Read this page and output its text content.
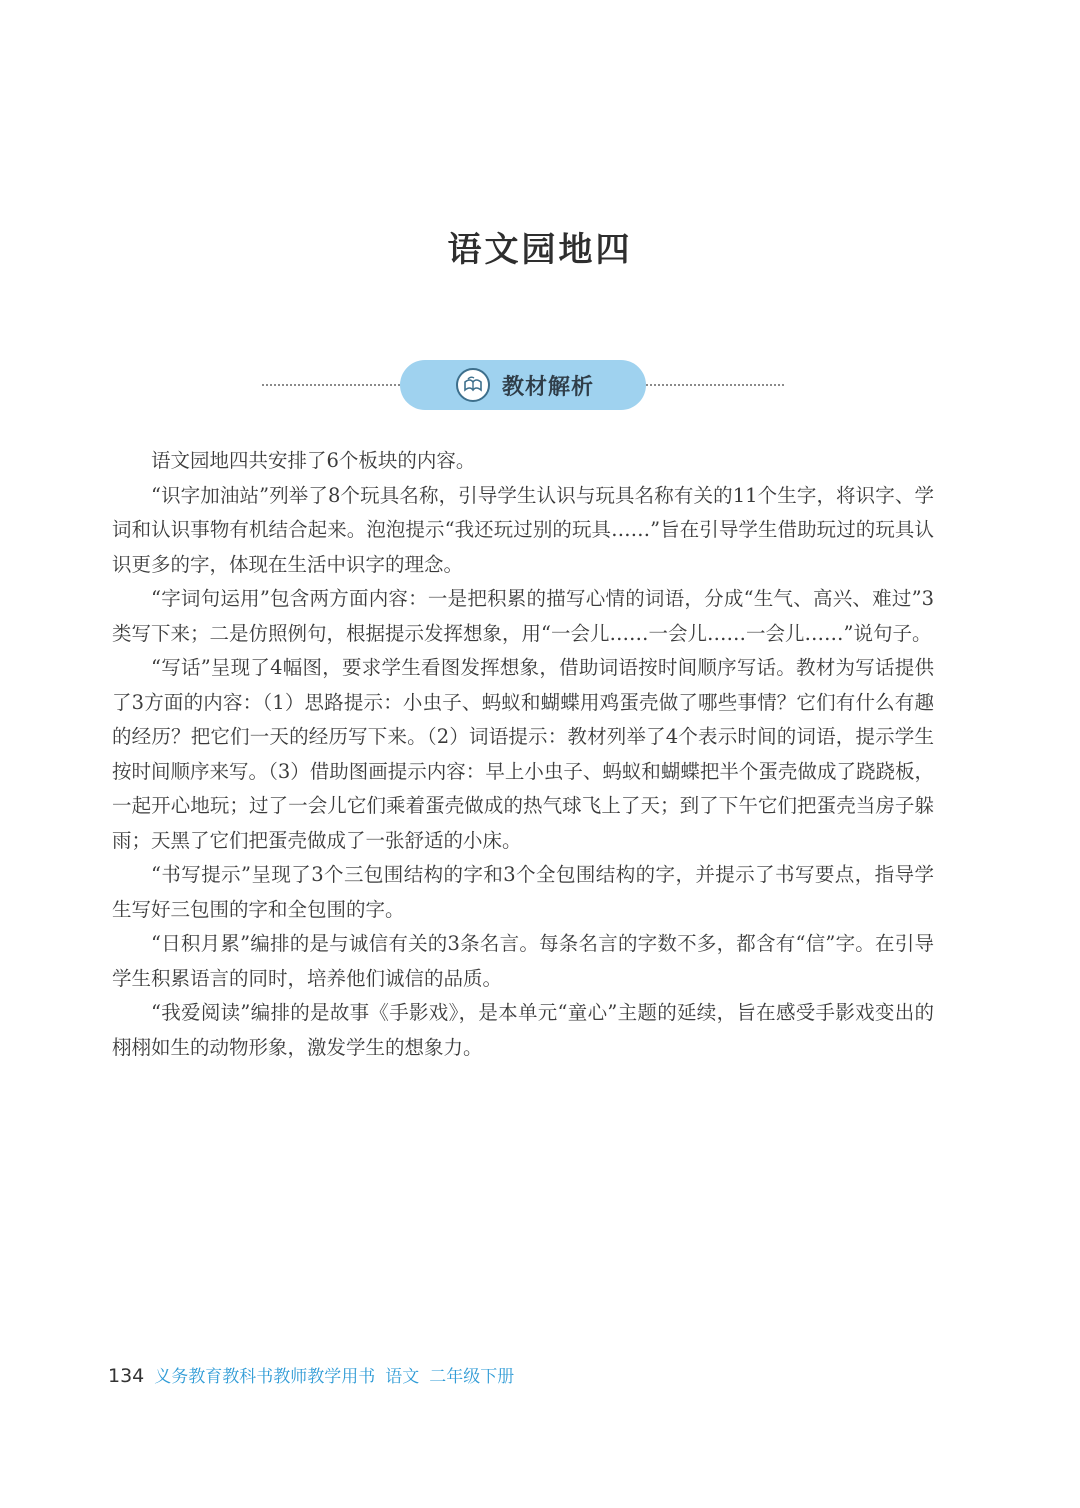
语文园地四
教材解析

语文园地四共安排了6个板块的内容。

“识字加油站”列举了8个玩具名称，引导学生认识与玩具名称有关的11个生字，将识字、学词和认识事物有机结合起来。泡泡提示“我还玩过别的玩具……”旨在引导学生借助玩过的玩具认识更多的字，体现在生活中识字的理念。

“字词句运用”包含两方面内容：一是把积累的描写心情的词语，分成“生气、高兴、难过”3类写下来；二是仿照例句，根据提示发挥想象，用“一会儿……一会儿……一会儿……”说句子。

“写话”呈现了4幅图，要求学生看图发挥想象，借助词语按时间顺序写话。教材为写话提供了3方面的内容：（1）思路提示：小虫子、蚂蚁和蝴蝶用鸡蛋壳做了哪些事情？它们有什么有趣的经历？把它们一天的经历写下来。（2）词语提示：教材列举了4个表示时间的词语，提示学生按时间顺序来写。（3）借助图画提示内容：早上小虫子、蚂蚁和蝴蝶把半个蛋壳做成了跷跷板，一起开心地玩；过了一会儿它们乘着蛋壳做成的热气球飞上了天；到了下午它们把蛋壳当房子躲雨；天黑了它们把蛋壳做成了一张舒适的小床。

“书写提示”呈现了3个三包围结构的字和3个全包围结构的字，并提示了书写要点，指导学生写好三包围的字和全包围的字。

“日积月累”编排的是与诚信有关的3条名言。每条名言的字数不多，都含有“信”字。在引导学生积累语言的同时，培养他们诚信的品质。

“我爱阅读”编排的是故事《手影戏》，是本单元“童心”主题的延续，旨在感受手影戏变出的栩栩如生的动物形象，激发学生的想象力。

134 义务教育教科书教师教学用书 语文 二年级下册
